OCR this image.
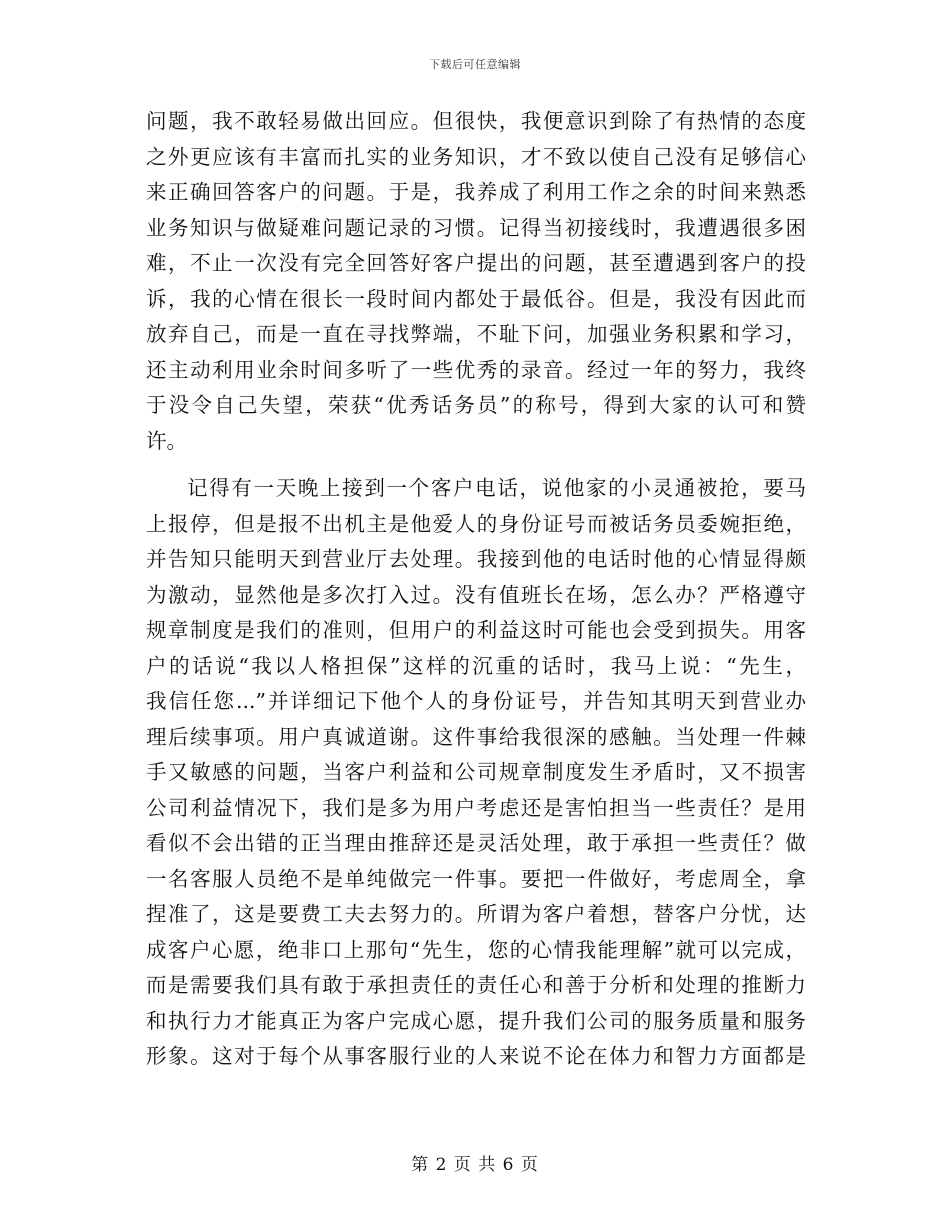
下载后可任意编辑
问题，我不敢轻易做出回应。但很快，我便意识到除了有热情的态度
之外更应该有丰富而扎实的业务知识，才不致以使自己没有足够信心
来正确回答客户的问题。于是，我养成了利用工作之余的时间来熟悉
业务知识与做疑难问题记录的习惯。记得当初接线时，我遭遇很多困
难，不止一次没有完全回答好客户提出的问题，甚至遭遇到客户的投
诉，我的心情在很长一段时间内都处于最低谷。但是，我没有因此而
放弃自己，而是一直在寻找弊端，不耻下问，加强业务积累和学习，
还主动利用业余时间多听了一些优秀的录音。经过一年的努力，我终
于没令自己失望，荣获“优秀话务员”的称号，得到大家的认可和赞
许。
记得有一天晚上接到一个客户电话，说他家的小灵通被抢，要马
上报停，但是报不出机主是他爱人的身份证号而被话务员委婉拒绝，
并告知只能明天到营业厅去处理。我接到他的电话时他的心情显得颇
为激动，显然他是多次打入过。没有值班长在场，怎么办？严格遵守
规章制度是我们的准则，但用户的利益这时可能也会受到损失。用客
户的话说“我以人格担保”这样的沉重的话时，我马上说：“先生，
我信任您...”并详细记下他个人的身份证号，并告知其明天到营业办
理后续事项。用户真诚道谢。这件事给我很深的感触。当处理一件棘
手又敏感的问题，当客户利益和公司规章制度发生矛盾时，又不损害
公司利益情况下，我们是多为用户考虑还是害怕担当一些责任？是用
看似不会出错的正当理由推辞还是灵活处理，敢于承担一些责任？做
一名客服人员绝不是单纯做完一件事。要把一件做好，考虑周全，拿
捏准了，这是要费工夫去努力的。所谓为客户着想，替客户分忧，达
成客户心愿，绝非口上那句“先生，您的心情我能理解”就可以完成，
而是需要我们具有敢于承担责任的责任心和善于分析和处理的推断力
和执行力才能真正为客户完成心愿，提升我们公司的服务质量和服务
形象。这对于每个从事客服行业的人来说不论在体力和智力方面都是
第 2 页 共 6 页
